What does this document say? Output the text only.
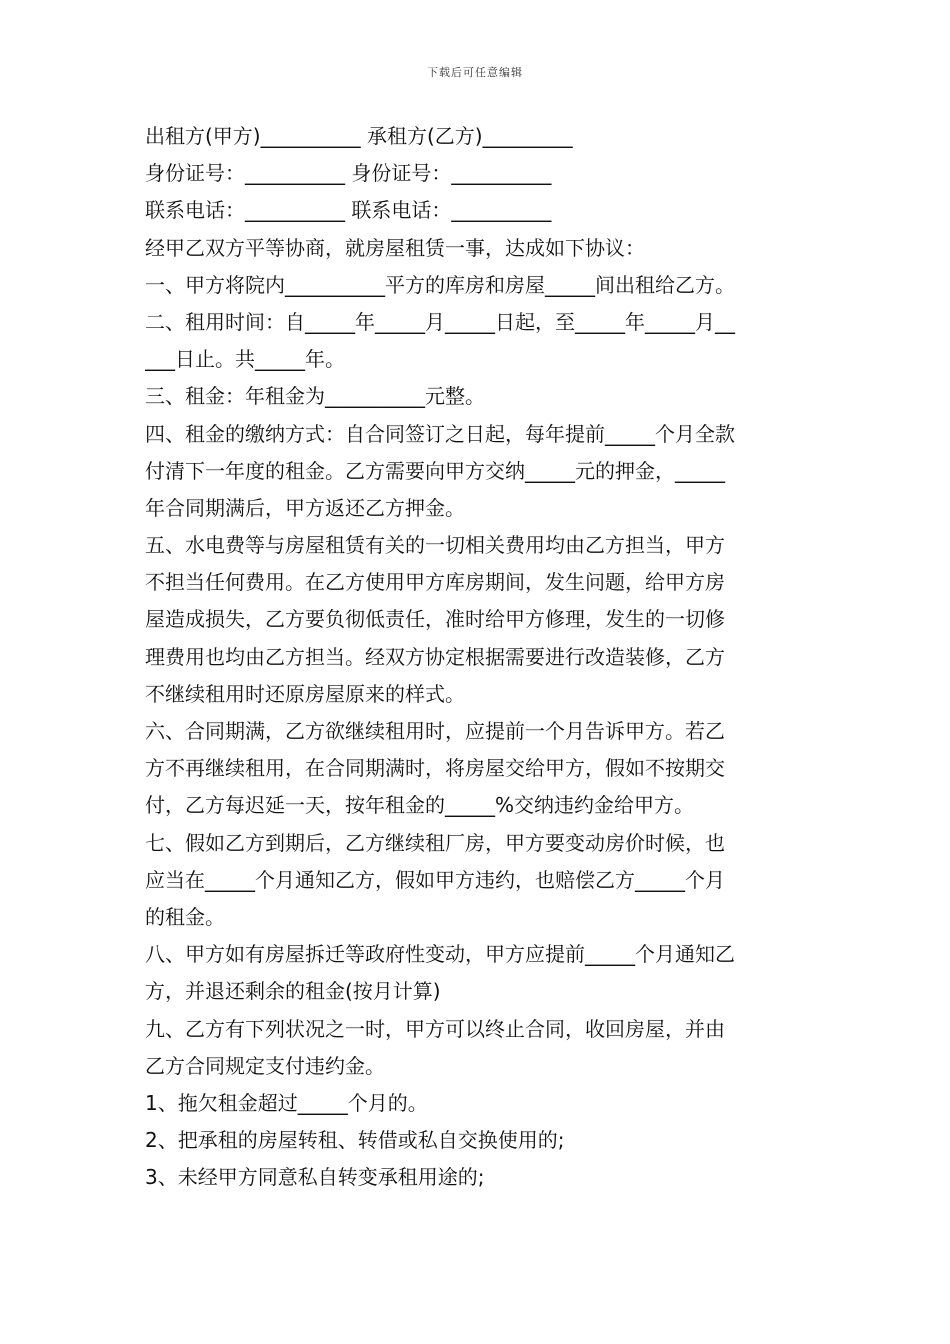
下载后可任意编辑
出租方(甲方)__________ 承租方(乙方)_________
身份证号：__________ 身份证号：__________
联系电话：__________ 联系电话：__________
经甲乙双方平等协商，就房屋租赁一事，达成如下协议：
一、甲方将院内__________平方的库房和房屋_____间出租给乙方。
二、租用时间：自_____年_____月_____日起，至_____年_____月__
___日止。共_____年。
三、租金：年租金为__________元整。
四、租金的缴纳方式：自合同签订之日起，每年提前_____个月全款
付清下一年度的租金。乙方需要向甲方交纳_____元的押金，_____
年合同期满后，甲方返还乙方押金。
五、水电费等与房屋租赁有关的一切相关费用均由乙方担当，甲方
不担当任何费用。在乙方使用甲方库房期间，发生问题，给甲方房
屋造成损失，乙方要负彻低责任，准时给甲方修理，发生的一切修
理费用也均由乙方担当。经双方协定根据需要进行改造装修，乙方
不继续租用时还原房屋原来的样式。
六、合同期满，乙方欲继续租用时，应提前一个月告诉甲方。若乙
方不再继续租用，在合同期满时，将房屋交给甲方，假如不按期交
付，乙方每迟延一天，按年租金的_____%交纳违约金给甲方。
七、假如乙方到期后，乙方继续租厂房，甲方要变动房价时候，也
应当在_____个月通知乙方，假如甲方违约，也赔偿乙方_____个月
的租金。
八、甲方如有房屋拆迁等政府性变动，甲方应提前_____个月通知乙
方，并退还剩余的租金(按月计算)
九、乙方有下列状况之一时，甲方可以终止合同，收回房屋，并由
乙方合同规定支付违约金。
1、拖欠租金超过_____个月的。
2、把承租的房屋转租、转借或私自交换使用的;
3、未经甲方同意私自转变承租用途的;
